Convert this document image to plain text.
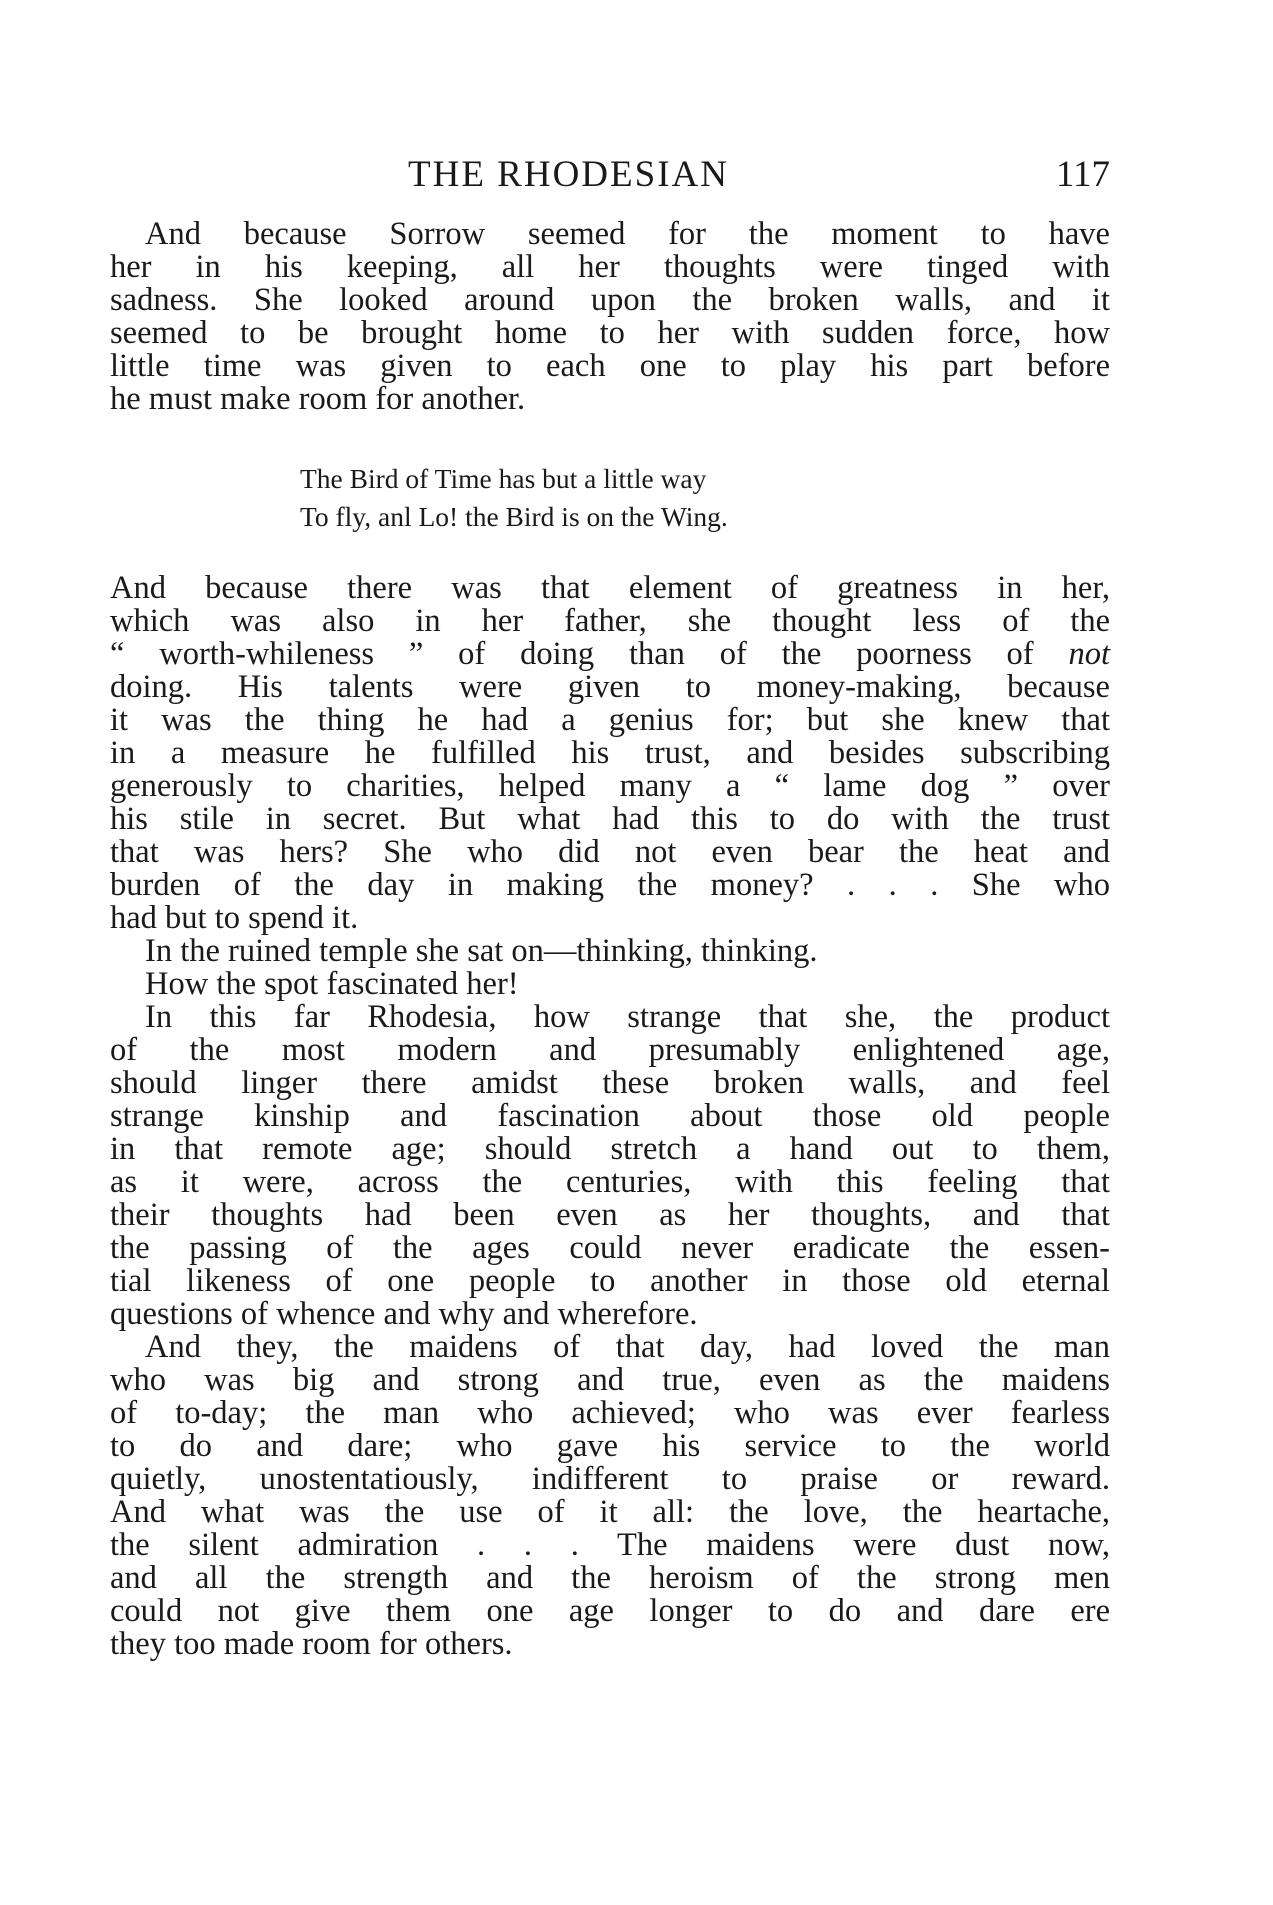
THE RHODESIAN	117
And because Sorrow seemed for the moment to have
her in his keeping, all her thoughts were tinged with
sadness. She looked around upon the broken walls, and it
seemed to be brought home to her with sudden force, how
little time was given to each one to play his part before
he must make room for another.
The Bird of Time has but a little way
To fly, anl Lo! the Bird is on the Wing.
And because there was that element of greatness in her,
which was also in her father, she thought less of the
“ worth-whileness ” of doing than of the poorness of not
doing. His talents were given to money-making, because
it was the thing he had a genius for; but she knew that
in a measure he fulfilled his trust, and besides subscribing
generously to charities, helped many a “ lame dog ” over
his stile in secret. But what had this to do with the trust
that was hers? She who did not even bear the heat and
burden of the day in making the money? . . . She who
had but to spend it.
In the ruined temple she sat on—thinking, thinking.
How the spot fascinated her!
In this far Rhodesia, how strange that she, the product
of the most modern and presumably enlightened age,
should linger there amidst these broken walls, and feel
strange kinship and fascination about those old people
in that remote age; should stretch a hand out to them,
as it were, across the centuries, with this feeling that
their thoughts had been even as her thoughts, and that
the passing of the ages could never eradicate the essen-
tial likeness of one people to another in those old eternal
questions of whence and why and wherefore.
And they, the maidens of that day, had loved the man
who was big and strong and true, even as the maidens
of to-day; the man who achieved; who was ever fearless
to do and dare; who gave his service to the world
quietly, unostentatiously, indifferent to praise or reward.
And what was the use of it all: the love, the heartache,
the silent admiration . . . The maidens were dust now,
and all the strength and the heroism of the strong men
could not give them one age longer to do and dare ere
they too made room for others.
